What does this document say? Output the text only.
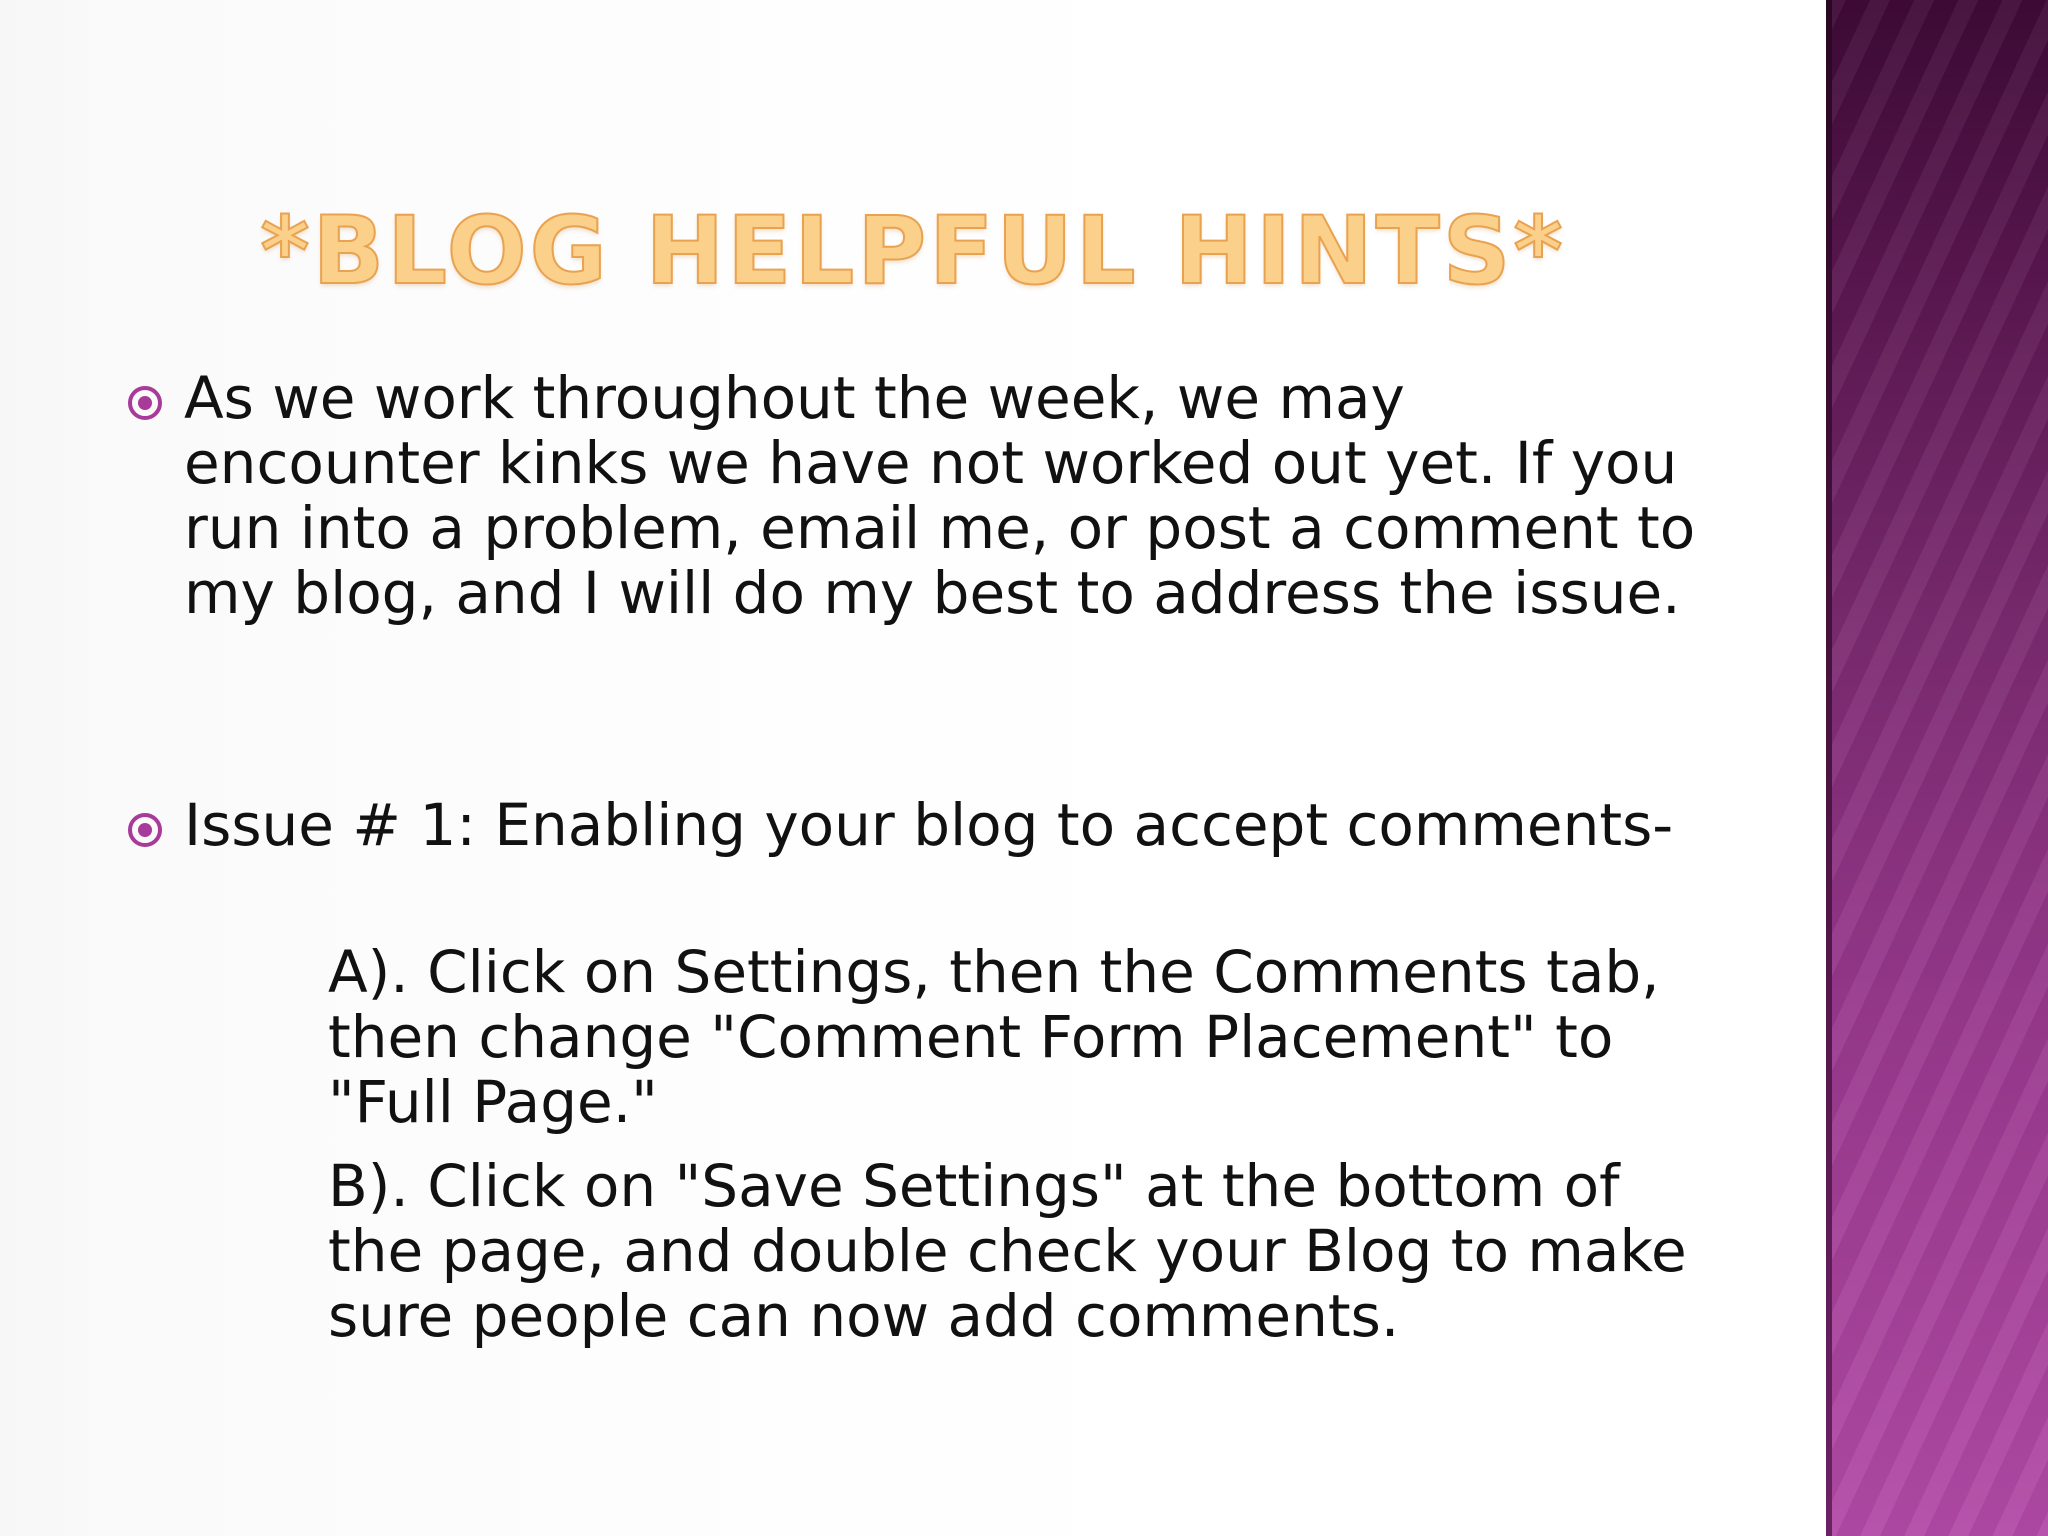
*BLOG HELPFUL HINTS*

As we work throughout the week, we may encounter kinks we have not worked out yet. If you run into a problem, email me, or post a comment to my blog, and I will do my best to address the issue.

Issue # 1: Enabling your blog to accept comments-

A). Click on Settings, then the Comments tab, then change "Comment Form Placement" to "Full Page."

B). Click on "Save Settings" at the bottom of the page, and double check your Blog to make sure people can now add comments.
